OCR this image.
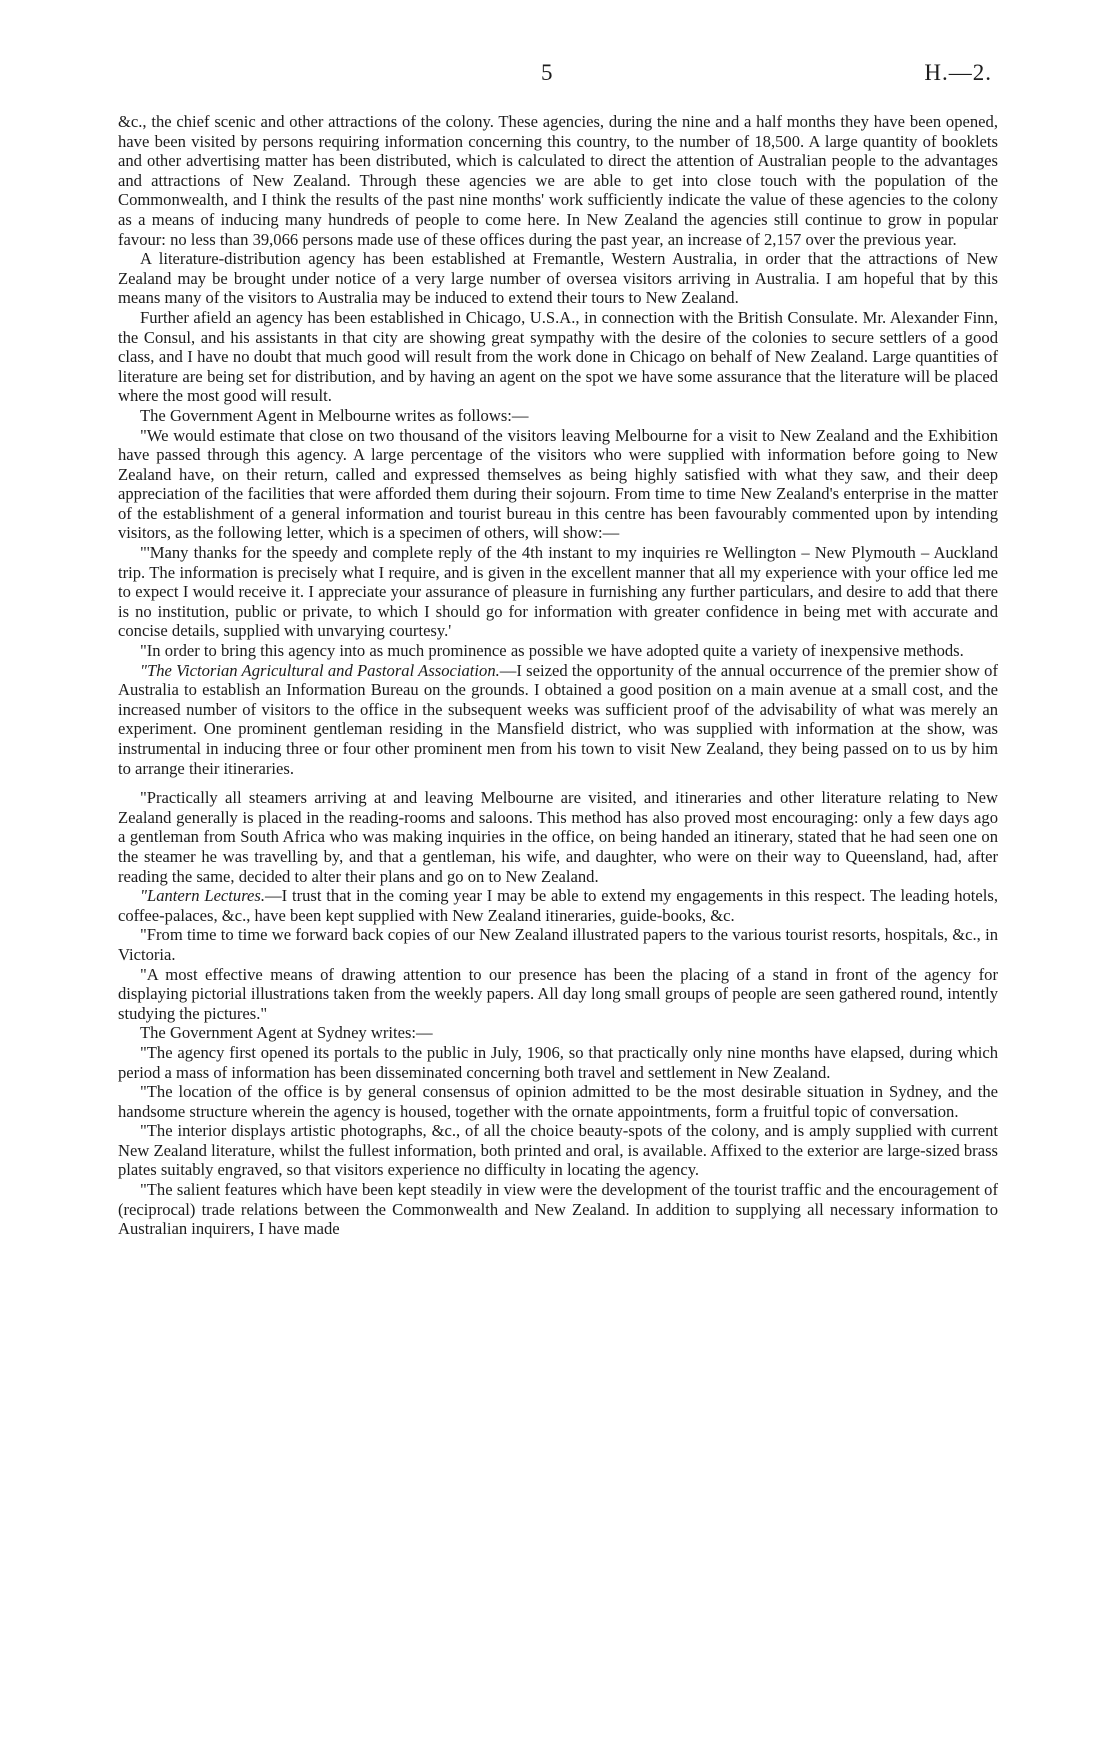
5	H.—2.

&c., the chief scenic and other attractions of the colony. These agencies, during the nine and a half months they have been opened, have been visited by persons requiring information concerning this country, to the number of 18,500. A large quantity of booklets and other advertising matter has been distributed, which is calculated to direct the attention of Australian people to the advantages and attractions of New Zealand. Through these agencies we are able to get into close touch with the population of the Commonwealth, and I think the results of the past nine months' work sufficiently indicate the value of these agencies to the colony as a means of inducing many hundreds of people to come here. In New Zealand the agencies still continue to grow in popular favour: no less than 39,066 persons made use of these offices during the past year, an increase of 2,157 over the previous year.

A literature-distribution agency has been established at Fremantle, Western Australia, in order that the attractions of New Zealand may be brought under notice of a very large number of oversea visitors arriving in Australia. I am hopeful that by this means many of the visitors to Australia may be induced to extend their tours to New Zealand.

Further afield an agency has been established in Chicago, U.S.A., in connection with the British Consulate. Mr. Alexander Finn, the Consul, and his assistants in that city are showing great sympathy with the desire of the colonies to secure settlers of a good class, and I have no doubt that much good will result from the work done in Chicago on behalf of New Zealand. Large quantities of literature are being set for distribution, and by having an agent on the spot we have some assurance that the literature will be placed where the most good will result.

The Government Agent in Melbourne writes as follows:—

"We would estimate that close on two thousand of the visitors leaving Melbourne for a visit to New Zealand and the Exhibition have passed through this agency. A large percentage of the visitors who were supplied with information before going to New Zealand have, on their return, called and expressed themselves as being highly satisfied with what they saw, and their deep appreciation of the facilities that were afforded them during their sojourn. From time to time New Zealand's enterprise in the matter of the establishment of a general information and tourist bureau in this centre has been favourably commented upon by intending visitors, as the following letter, which is a specimen of others, will show:—

"'Many thanks for the speedy and complete reply of the 4th instant to my inquiries re Wellington – New Plymouth – Auckland trip. The information is precisely what I require, and is given in the excellent manner that all my experience with your office led me to expect I would receive it. I appreciate your assurance of pleasure in furnishing any further particulars, and desire to add that there is no institution, public or private, to which I should go for information with greater confidence in being met with accurate and concise details, supplied with unvarying courtesy.'

"In order to bring this agency into as much prominence as possible we have adopted quite a variety of inexpensive methods.

"The Victorian Agricultural and Pastoral Association.—I seized the opportunity of the annual occurrence of the premier show of Australia to establish an Information Bureau on the grounds. I obtained a good position on a main avenue at a small cost, and the increased number of visitors to the office in the subsequent weeks was sufficient proof of the advisability of what was merely an experiment. One prominent gentleman residing in the Mansfield district, who was supplied with information at the show, was instrumental in inducing three or four other prominent men from his town to visit New Zealand, they being passed on to us by him to arrange their itineraries.

"Practically all steamers arriving at and leaving Melbourne are visited, and itineraries and other literature relating to New Zealand generally is placed in the reading-rooms and saloons. This method has also proved most encouraging: only a few days ago a gentleman from South Africa who was making inquiries in the office, on being handed an itinerary, stated that he had seen one on the steamer he was travelling by, and that a gentleman, his wife, and daughter, who were on their way to Queensland, had, after reading the same, decided to alter their plans and go on to New Zealand.

"Lantern Lectures.—I trust that in the coming year I may be able to extend my engagements in this respect. The leading hotels, coffee-palaces, &c., have been kept supplied with New Zealand itineraries, guide-books, &c.

"From time to time we forward back copies of our New Zealand illustrated papers to the various tourist resorts, hospitals, &c., in Victoria.

"A most effective means of drawing attention to our presence has been the placing of a stand in front of the agency for displaying pictorial illustrations taken from the weekly papers. All day long small groups of people are seen gathered round, intently studying the pictures."

The Government Agent at Sydney writes:—

"The agency first opened its portals to the public in July, 1906, so that practically only nine months have elapsed, during which period a mass of information has been disseminated concerning both travel and settlement in New Zealand.

"The location of the office is by general consensus of opinion admitted to be the most desirable situation in Sydney, and the handsome structure wherein the agency is housed, together with the ornate appointments, form a fruitful topic of conversation.

"The interior displays artistic photographs, &c., of all the choice beauty-spots of the colony, and is amply supplied with current New Zealand literature, whilst the fullest information, both printed and oral, is available. Affixed to the exterior are large-sized brass plates suitably engraved, so that visitors experience no difficulty in locating the agency.

"The salient features which have been kept steadily in view were the development of the tourist traffic and the encouragement of (reciprocal) trade relations between the Commonwealth and New Zealand. In addition to supplying all necessary information to Australian inquirers, I have made
